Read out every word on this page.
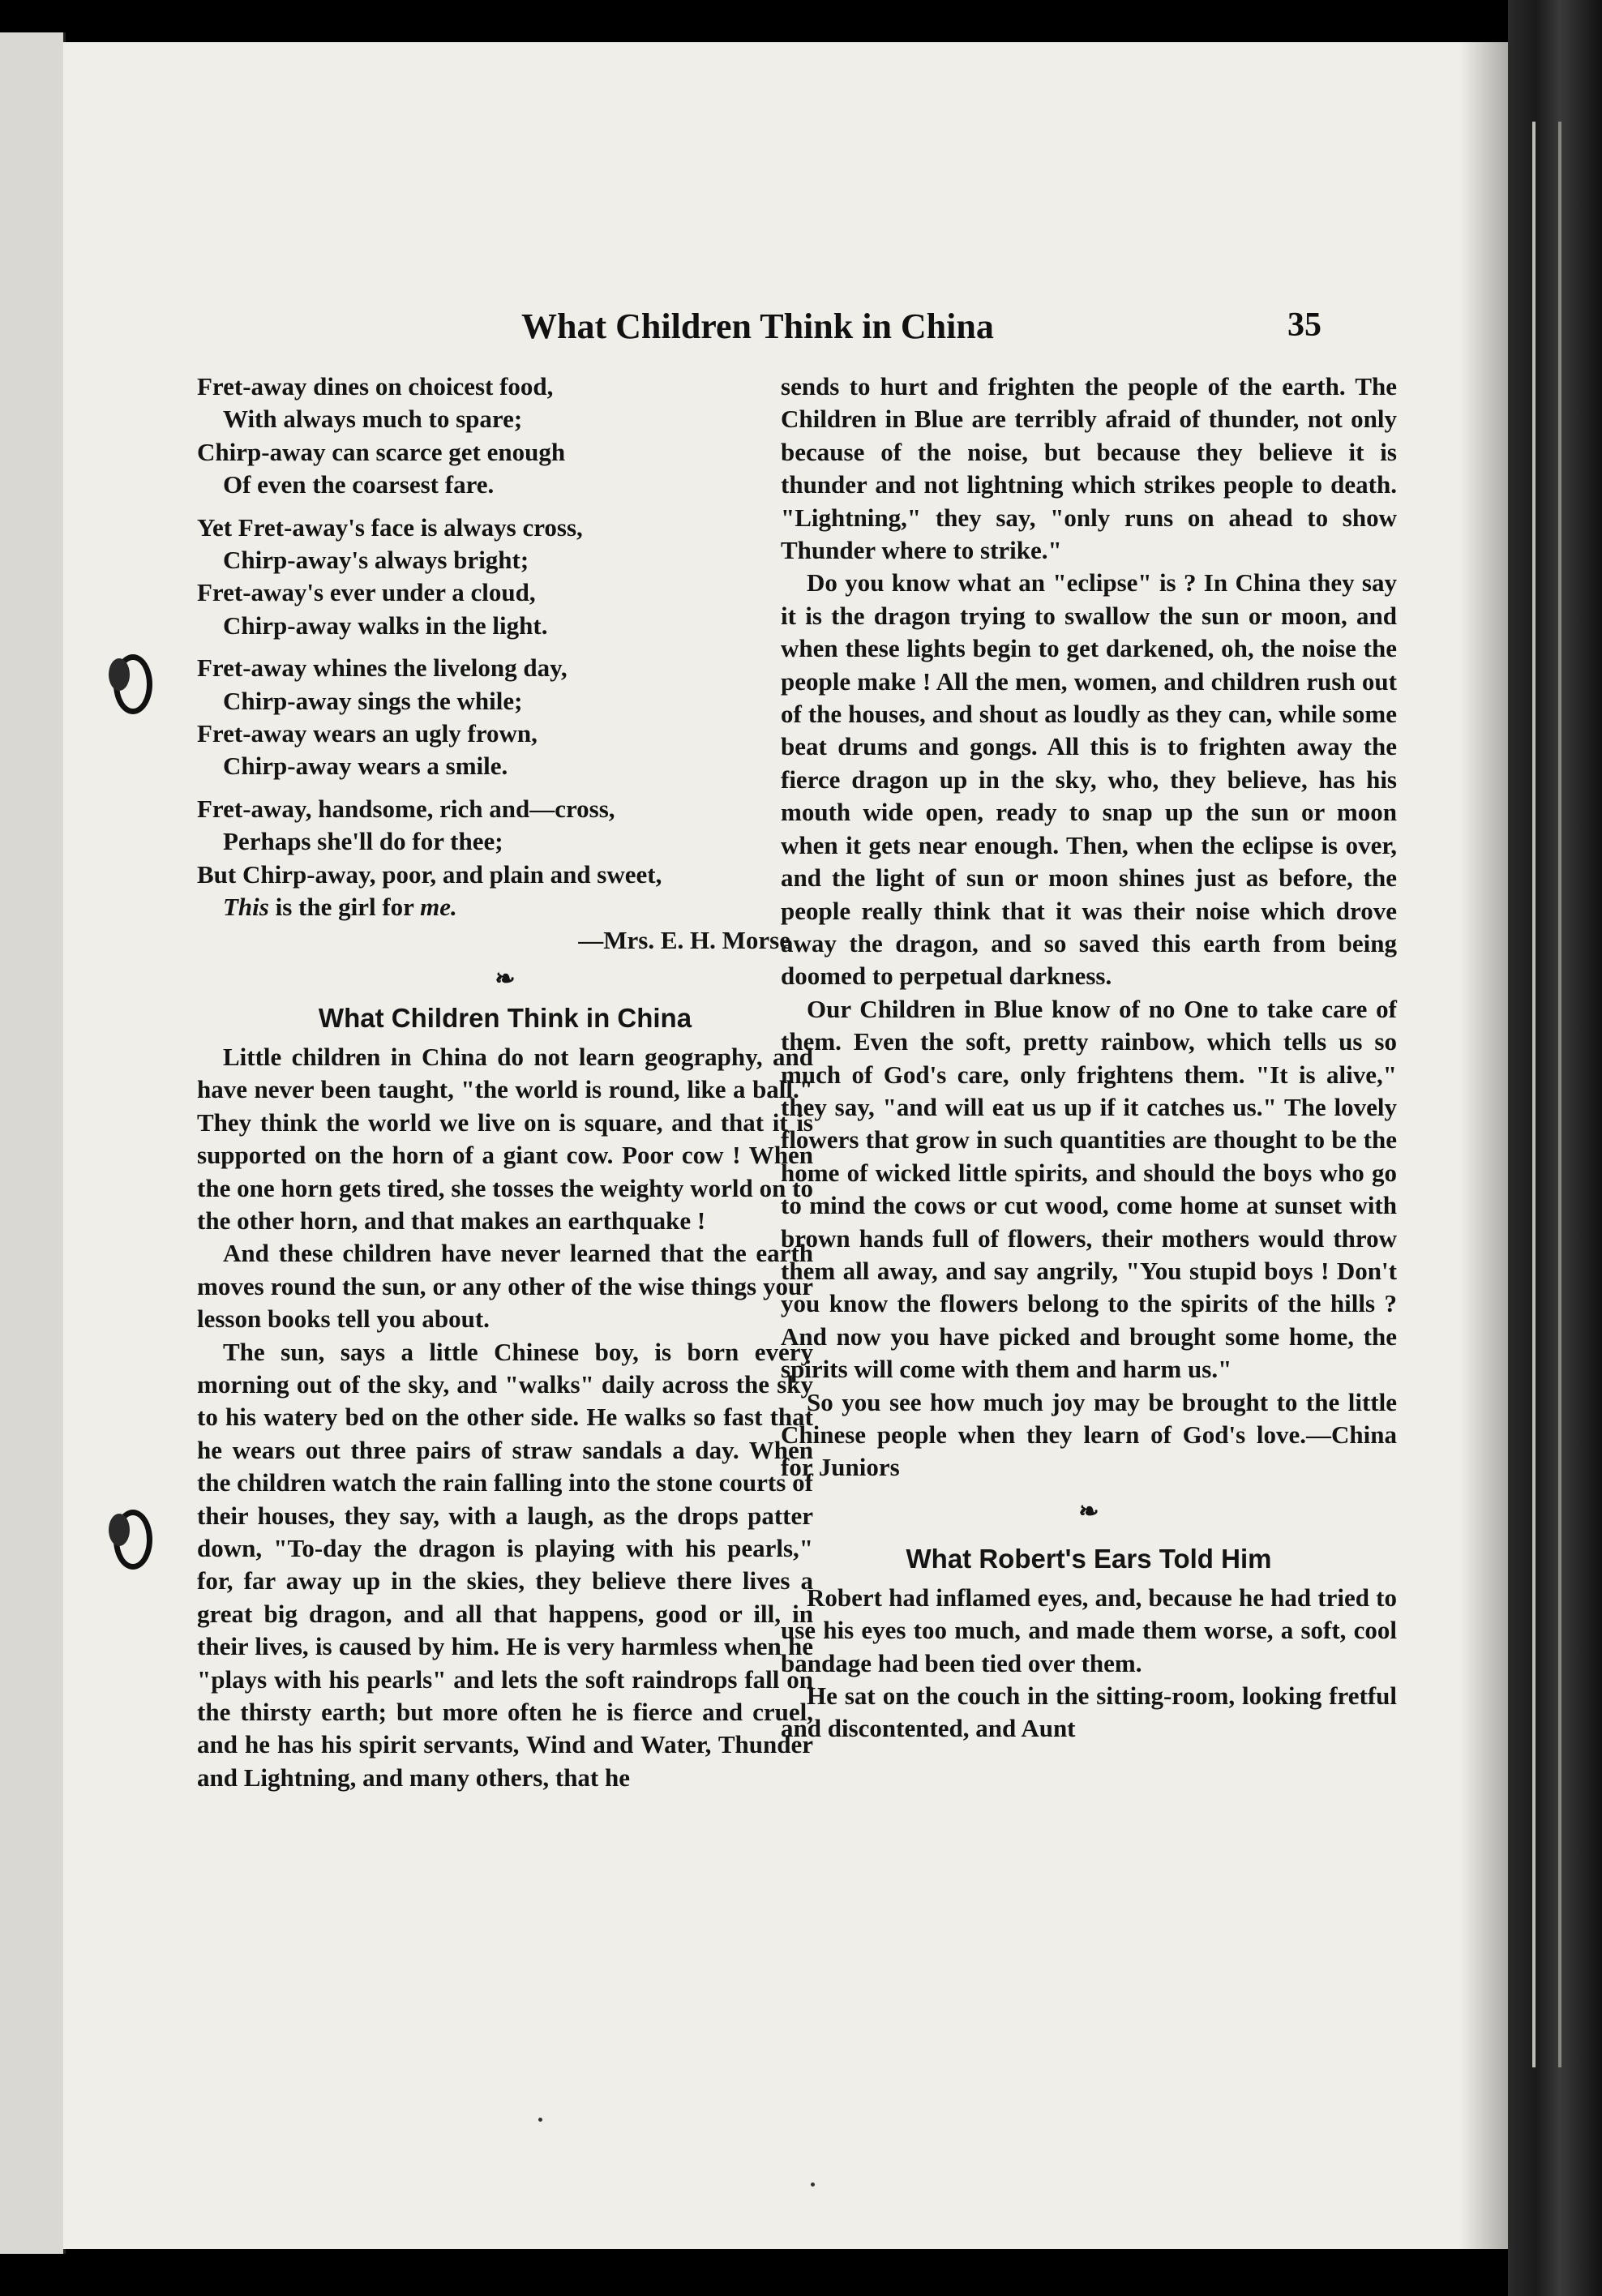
What Children Think in China	35
Fret-away dines on choicest food,
With always much to spare;
Chirp-away can scarce get enough
Of even the coarsest fare.
Yet Fret-away's face is always cross,
Chirp-away's always bright;
Fret-away's ever under a cloud,
Chirp-away walks in the light.
Fret-away whines the livelong day,
Chirp-away sings the while;
Fret-away wears an ugly frown,
Chirp-away wears a smile.
Fret-away, handsome, rich and—cross,
Perhaps she'll do for thee;
But Chirp-away, poor, and plain and sweet,
This is the girl for me.
—Mrs. E. H. Morse
❧
What Children Think in China

Little children in China do not learn geography, and have never been taught, "the world is round, like a ball." They think the world we live on is square, and that it is supported on the horn of a giant cow. Poor cow ! When the one horn gets tired, she tosses the weighty world on to the other horn, and that makes an earthquake !

And these children have never learned that the earth moves round the sun, or any other of the wise things your lesson books tell you about.

The sun, says a little Chinese boy, is born every morning out of the sky, and "walks" daily across the sky to his watery bed on the other side. He walks so fast that he wears out three pairs of straw sandals a day. When the children watch the rain falling into the stone courts of their houses, they say, with a laugh, as the drops patter down, "To-day the dragon is playing with his pearls," for, far away up in the skies, they believe there lives a great big dragon, and all that happens, good or ill, in their lives, is caused by him. He is very harmless when he "plays with his pearls" and lets the soft raindrops fall on the thirsty earth; but more often he is fierce and cruel, and he has his spirit servants, Wind and Water, Thunder and Lightning, and many others, that he

sends to hurt and frighten the people of the earth. The Children in Blue are terribly afraid of thunder, not only because of the noise, but because they believe it is thunder and not lightning which strikes people to death. "Lightning," they say, "only runs on ahead to show Thunder where to strike."

Do you know what an "eclipse" is ? In China they say it is the dragon trying to swallow the sun or moon, and when these lights begin to get darkened, oh, the noise the people make ! All the men, women, and children rush out of the houses, and shout as loudly as they can, while some beat drums and gongs. All this is to frighten away the fierce dragon up in the sky, who, they believe, has his mouth wide open, ready to snap up the sun or moon when it gets near enough. Then, when the eclipse is over, and the light of sun or moon shines just as before, the people really think that it was their noise which drove away the dragon, and so saved this earth from being doomed to perpetual darkness.

Our Children in Blue know of no One to take care of them. Even the soft, pretty rainbow, which tells us so much of God's care, only frightens them. "It is alive," they say, "and will eat us up if it catches us." The lovely flowers that grow in such quantities are thought to be the home of wicked little spirits, and should the boys who go to mind the cows or cut wood, come home at sunset with brown hands full of flowers, their mothers would throw them all away, and say angrily, "You stupid boys ! Don't you know the flowers belong to the spirits of the hills ? And now you have picked and brought some home, the spirits will come with them and harm us."

So you see how much joy may be brought to the little Chinese people when they learn of God's love.—China for Juniors

❧
What Robert's Ears Told Him

Robert had inflamed eyes, and, because he had tried to use his eyes too much, and made them worse, a soft, cool bandage had been tied over them.

He sat on the couch in the sitting-room, looking fretful and discontented, and Aunt
